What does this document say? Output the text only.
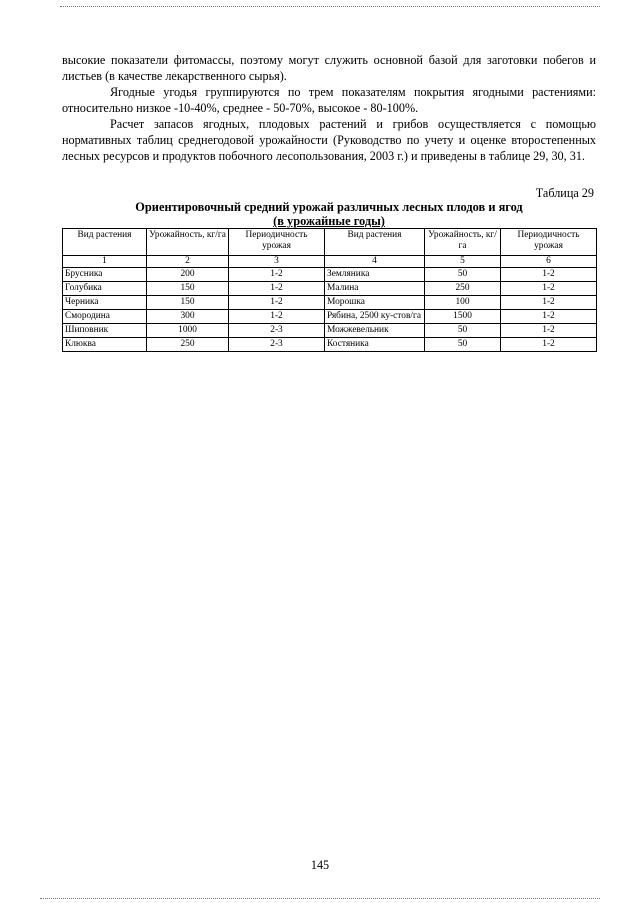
высокие показатели фитомассы, поэтому могут служить основной базой для заготовки побегов и листьев (в качестве лекарственного сырья).

Ягодные угодья группируются по трем показателям покрытия ягодными растениями: относительно низкое -10-40%, среднее - 50-70%, высокое - 80-100%.

Расчет запасов ягодных, плодовых растений и грибов осуществляется с помощью нормативных таблиц среднегодовой урожайности (Руководство по учету и оценке второстепенных лесных ресурсов и продуктов побочного лесопользования, 2003 г.) и приведены в таблице 29, 30, 31.

Таблица 29
Ориентировочный средний урожай различных лесных плодов и ягод
(в урожайные годы)
Вид растения	Урожайность, кг/га	Периодичность урожая	Вид растения	Урожайность, кг/га	Периодичность урожая
1	2	3	4	5	6
Брусника	200	1-2	Земляника	50	1-2
Голубика	150	1-2	Малина	250	1-2
Черника	150	1-2	Морошка	100	1-2
Смородина	300	1-2	Рябина, 2500 ку-стов/га	1500	1-2
Шиповник	1000	2-3	Можжевельник	50	1-2
Клюква	250	2-3	Костяника	50	1-2
145
